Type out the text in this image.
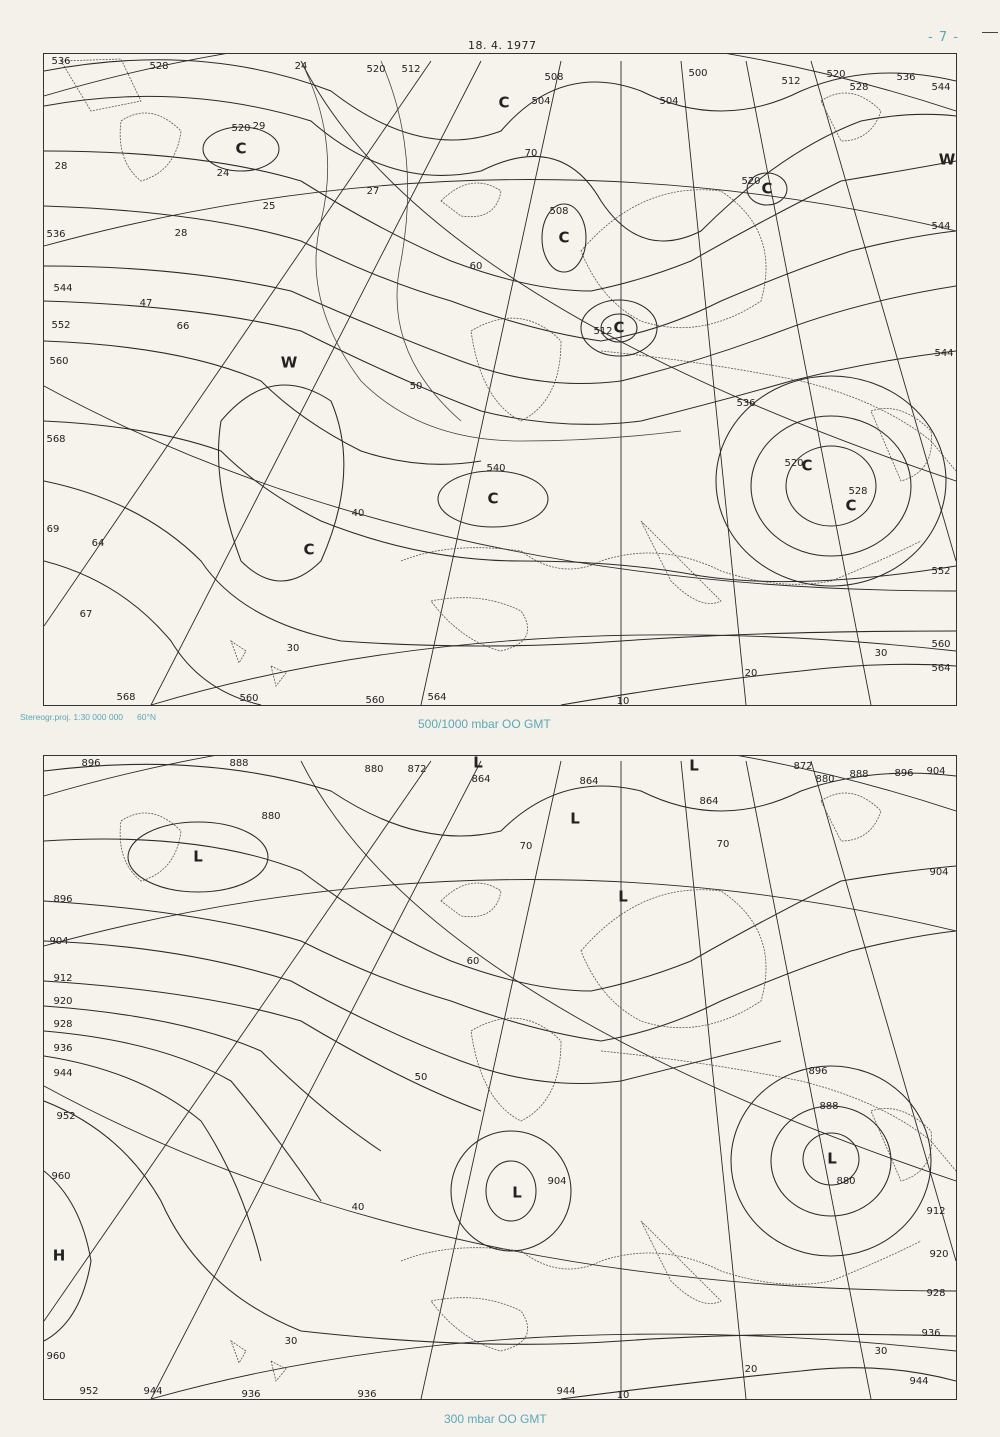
- 7 -
18. 4. 1977
C
C
C
C
C
C
C
C
C
W
W
536	528	24	520 512
508
504
500
504
512
520
528
536
544
520 29
24
28
27
25
28
536
508
70
520
544
544
47
552	66
60
560
512
544
50
536
568
520
540
528
69
64
40
552
67
30
568	560	560	564	10
20
30
560
564
Stereogr.proj. 1:30 000 000 60°N	500/1000 mbar OO GMT
L
L
L
L
L
L
L
H
896	888
880 872
864	864
864
872
880 888	896 904
880
70	70
904
896
904
912
920
928
936
944
952
960
60
50
896
888
880
904
912
920
928
936
944
40
30
960
952	944	936	936	944	10
20
30
300 mbar OO GMT
